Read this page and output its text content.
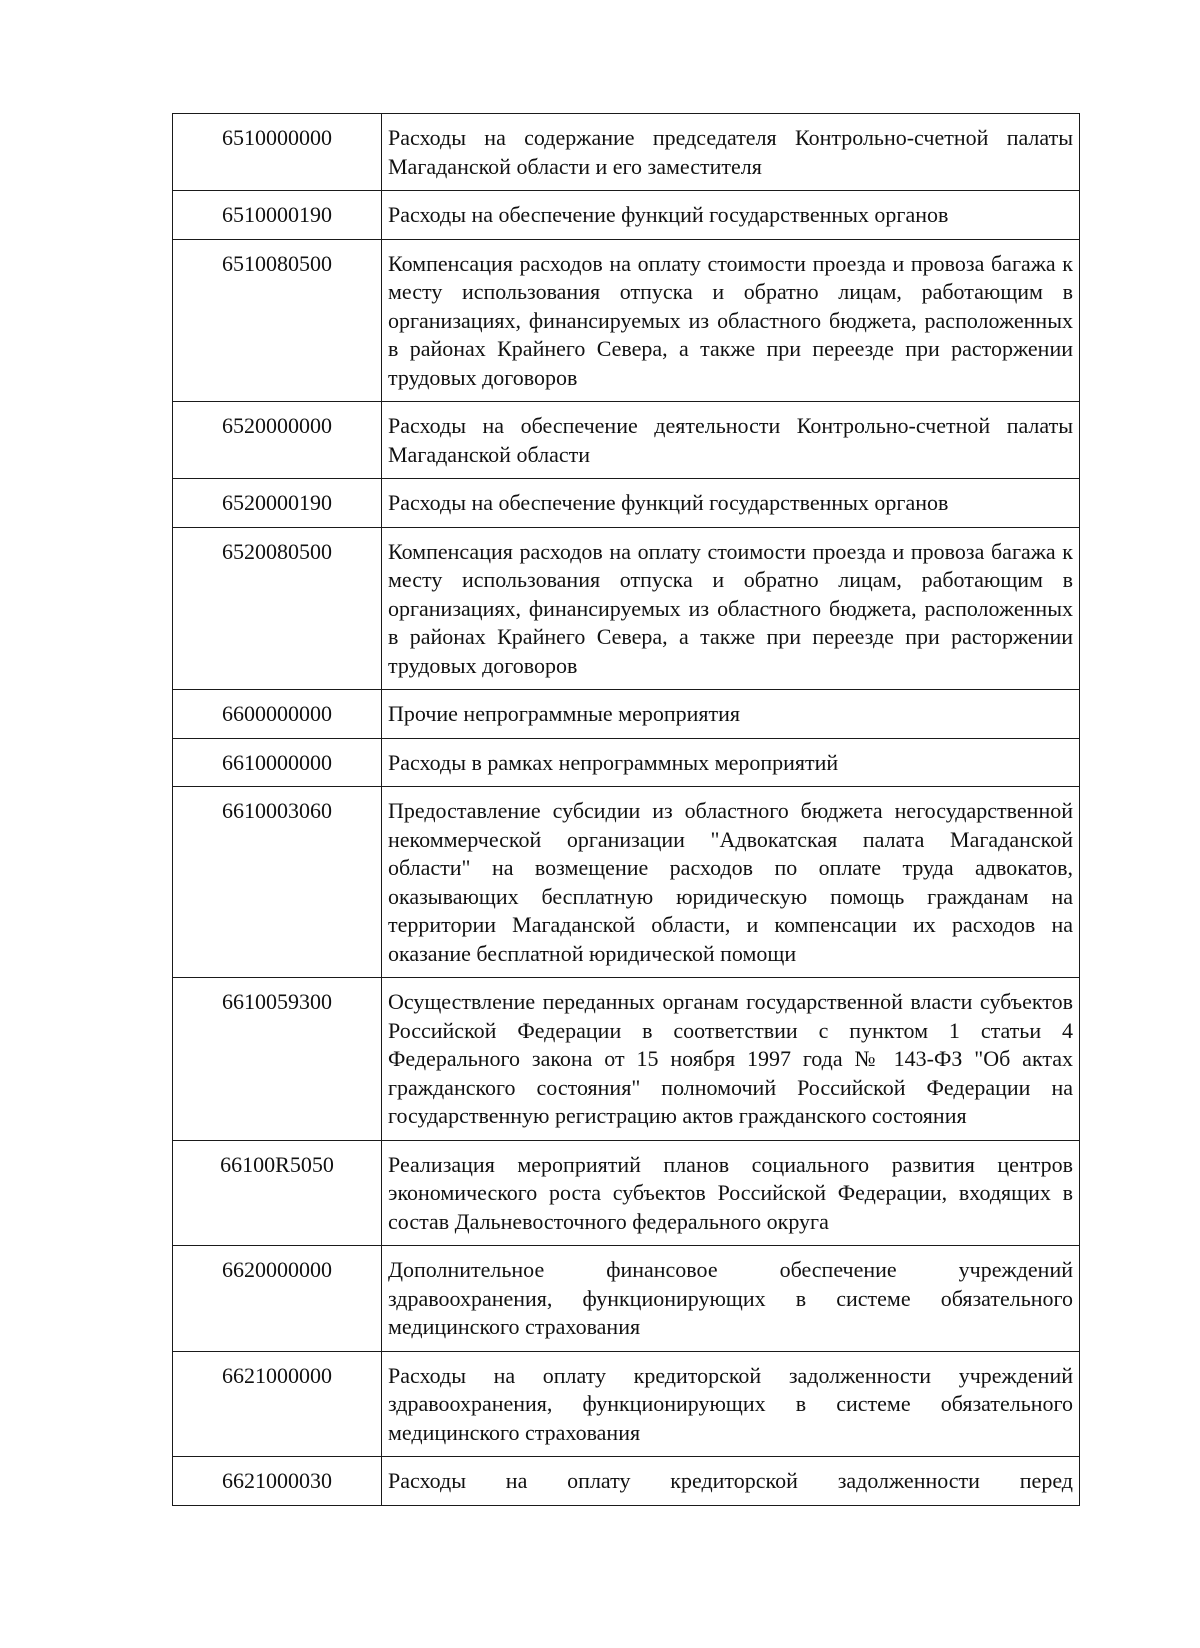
6510000000	Расходы на содержание председателя Контрольно-счетной палаты Магаданской области и его заместителя
6510000190	Расходы на обеспечение функций государственных органов
6510080500	Компенсация расходов на оплату стоимости проезда и провоза багажа к месту использования отпуска и обратно лицам, работающим в организациях, финансируемых из областного бюджета, расположенных в районах Крайнего Севера, а также при переезде при расторжении трудовых договоров
6520000000	Расходы на обеспечение деятельности Контрольно-счетной палаты Магаданской области
6520000190	Расходы на обеспечение функций государственных органов
6520080500	Компенсация расходов на оплату стоимости проезда и провоза багажа к месту использования отпуска и обратно лицам, работающим в организациях, финансируемых из областного бюджета, расположенных в районах Крайнего Севера, а также при переезде при расторжении трудовых договоров
6600000000	Прочие непрограммные мероприятия
6610000000	Расходы в рамках непрограммных мероприятий
6610003060	Предоставление субсидии из областного бюджета негосударственной некоммерческой организации "Адвокатская палата Магаданской области" на возмещение расходов по оплате труда адвокатов, оказывающих бесплатную юридическую помощь гражданам на территории Магаданской области, и компенсации их расходов на оказание бесплатной юридической помощи
6610059300	Осуществление переданных органам государственной власти субъектов Российской Федерации в соответствии с пунктом 1 статьи 4 Федерального закона от 15 ноября 1997 года № 143-ФЗ "Об актах гражданского состояния" полномочий Российской Федерации на государственную регистрацию актов гражданского состояния
66100R5050	Реализация мероприятий планов социального развития центров экономического роста субъектов Российской Федерации, входящих в состав Дальневосточного федерального округа
6620000000	Дополнительное финансовое обеспечение учреждений здравоохранения, функционирующих в системе обязательного медицинского страхования
6621000000	Расходы на оплату кредиторской задолженности учреждений здравоохранения, функционирующих в системе обязательного медицинского страхования
6621000030	Расходы на оплату кредиторской задолженности перед
